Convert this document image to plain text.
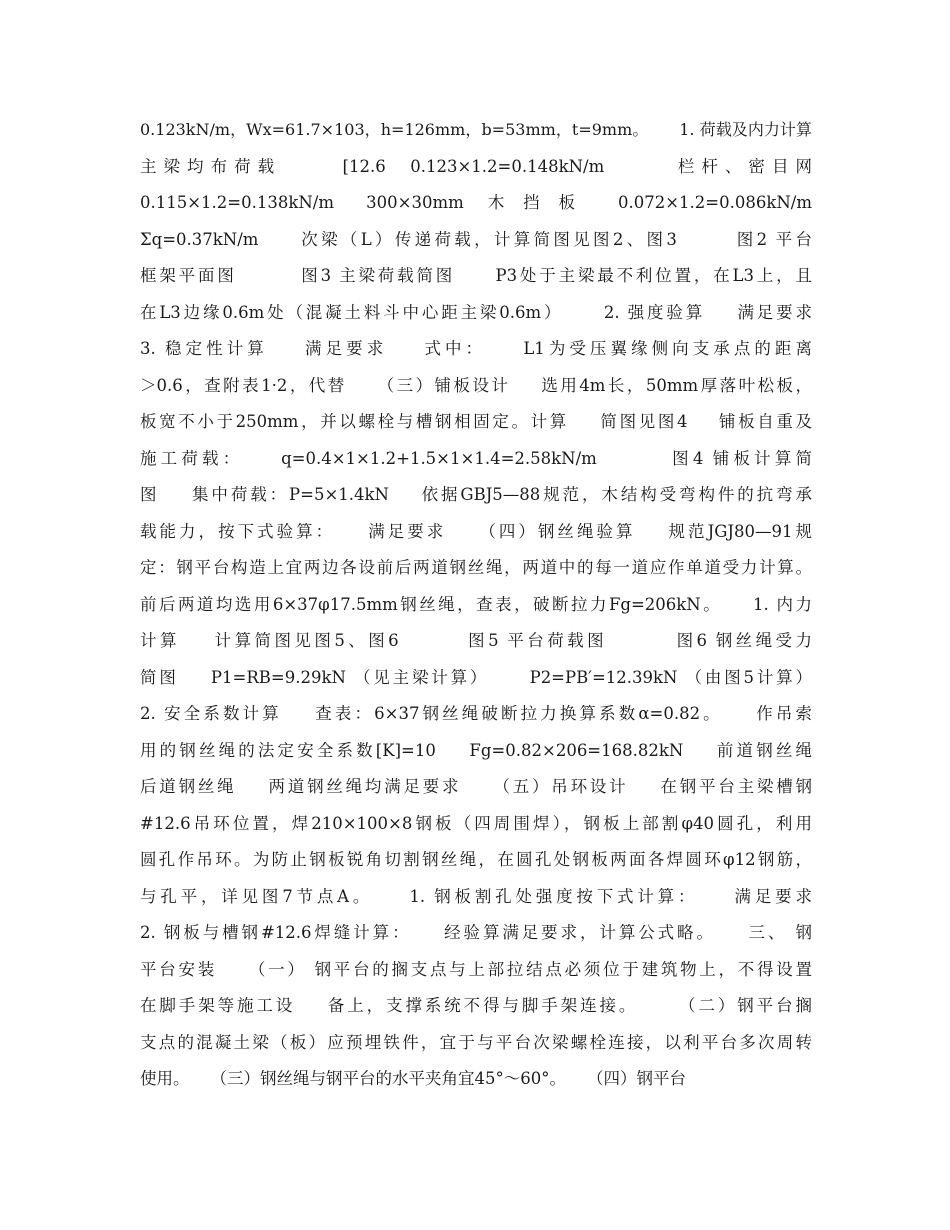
0.123kN/m，Wx=61.7×103，h=126mm，b=53mm，t=9mm。      1. 荷载及内力计算
主梁均布荷载     [12.6  0.123×1.2=0.148kN/m      栏杆、密目网
0.115×1.2=0.138kN/m    300×30mm   木  挡  板     0.072×1.2=0.086kN/m
Σq=0.37kN/m     次梁（L）传递荷载，计算简图见图2、图3       图2 平台
框架平面图        图3 主梁荷载简图     P3处于主梁最不利位置，在L3上，且
在L3边缘0.6m处（混凝土料斗中心距主梁0.6m）     2. 强度验算    满足要求
3. 稳定性计算    满足要求    式中：    L1为受压翼缘侧向支承点的距离
＞0.6，查附表1·2，代替    （三）铺板设计    选用4m长，50mm厚落叶松板，
板宽不小于250mm，并以螺栓与槽钢相固定。计算    简图见图4    铺板自重及
施工荷载：    q=0.4×1×1.2+1.5×1×1.4=2.58kN/m        图4 铺板计算简
图    集中荷载：P=5×1.4kN    依据GBJ5—88规范，木结构受弯构件的抗弯承
载能力，按下式验算：    满足要求    （四）钢丝绳验算    规范JGJ80—91规
定：钢平台构造上宜两边各设前后两道钢丝绳，两道中的每一道应作单道受力计算。
前后两道均选用6×37φ17.5mm钢丝绳，查表，破断拉力Fg=206kN。    1. 内力
计算    计算简图见图5、图6        图5 平台荷载图        图6 钢丝绳受力
简图    P1=RB=9.29kN （见主梁计算）     P2=PB′=12.39kN （由图5计算）
2. 安全系数计算    查表：6×37钢丝绳破断拉力换算系数α=0.82。    作吊索
用的钢丝绳的法定安全系数[K]=10    Fg=0.82×206=168.82kN    前道钢丝绳
后道钢丝绳    两道钢丝绳均满足要求    （五）吊环设计    在钢平台主梁槽钢
#12.6吊环位置，焊210×100×8钢板（四周围焊），钢板上部割φ40圆孔，利用
圆孔作吊环。为防止钢板锐角切割钢丝绳，在圆孔处钢板两面各焊圆环φ12钢筋，
与孔平，详见图7节点A。    1. 钢板割孔处强度按下式计算：    满足要求
2. 钢板与槽钢#12.6焊缝计算：    经验算满足要求，计算公式略。    三、 钢
平台安装    （一） 钢平台的搁支点与上部拉结点必须位于建筑物上，不得设置
在脚手架等施工设    备上，支撑系统不得与脚手架连接。     （二）钢平台搁
支点的混凝土梁（板）应预埋铁件，宜于与平台次梁螺栓连接，以利平台多次周转
使用。    （三）钢丝绳与钢平台的水平夹角宜45°～60°。    （四）钢平台
